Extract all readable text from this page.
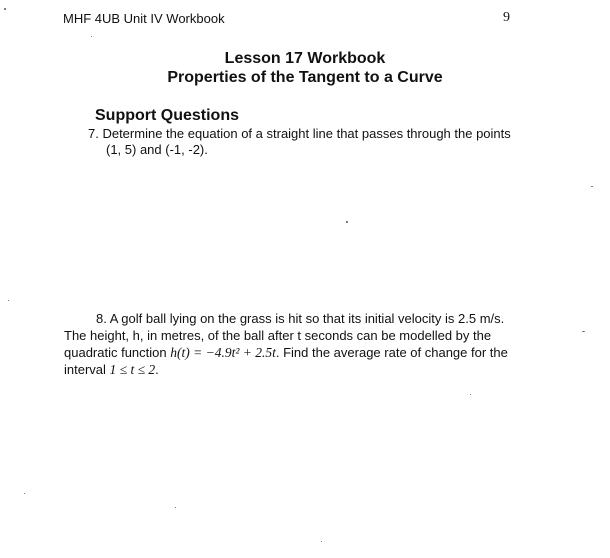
MHF 4UB Unit IV Workbook	9
Lesson 17 Workbook
Properties of the Tangent to a Curve
Support Questions
7. Determine the equation of a straight line that passes through the points
(1, 5) and (-1, -2).
8. A golf ball lying on the grass is hit so that its initial velocity is 2.5 m/s.
The height, h, in metres, of the ball after t seconds can be modelled by the
quadratic function h(t) = −4.9t² + 2.5t. Find the average rate of change for the
interval 1 ≤ t ≤ 2.
